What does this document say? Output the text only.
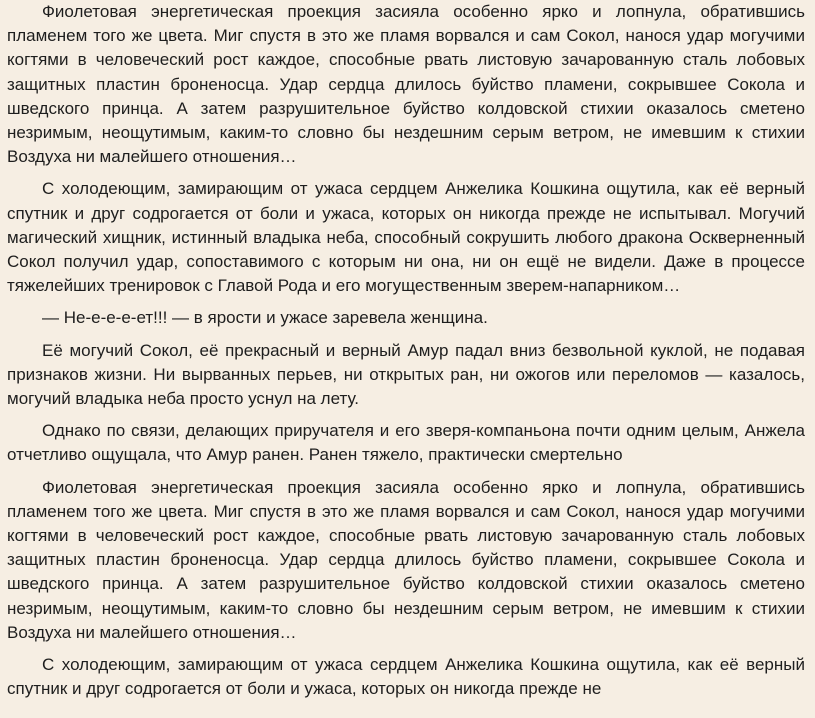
Фиолетовая энергетическая проекция засияла особенно ярко и лопнула, обратившись пламенем того же цвета. Миг спустя в это же пламя ворвался и сам Сокол, нанося удар могучими когтями в человеческий рост каждое, способные рвать листовую зачарованную сталь лобовых защитных пластин броненосца. Удар сердца длилось буйство пламени, сокрывшее Сокола и шведского принца. А затем разрушительное буйство колдовской стихии оказалось сметено незримым, неощутимым, каким-то словно бы нездешним серым ветром, не имевшим к стихии Воздуха ни малейшего отношения…

С холодеющим, замирающим от ужаса сердцем Анжелика Кошкина ощутила, как её верный спутник и друг содрогается от боли и ужаса, которых он никогда прежде не испытывал. Могучий магический хищник, истинный владыка неба, способный сокрушить любого дракона Оскверненный Сокол получил удар, сопоставимого с которым ни она, ни он ещё не видели. Даже в процессе тяжелейших тренировок с Главой Рода и его могущественным зверем-напарником…

— Не-е-е-е-ет!!! — в ярости и ужасе заревела женщина.

Её могучий Сокол, её прекрасный и верный Амур падал вниз безвольной куклой, не подавая признаков жизни. Ни вырванных перьев, ни открытых ран, ни ожогов или переломов — казалось, могучий владыка неба просто уснул на лету.

Однако по связи, делающих приручателя и его зверя-компаньона почти одним целым, Анжела отчетливо ощущала, что Амур ранен. Ранен тяжело, практически смертельно

Фиолетовая энергетическая проекция засияла особенно ярко и лопнула, обратившись пламенем того же цвета. Миг спустя в это же пламя ворвался и сам Сокол, нанося удар могучими когтями в человеческий рост каждое, способные рвать листовую зачарованную сталь лобовых защитных пластин броненосца. Удар сердца длилось буйство пламени, сокрывшее Сокола и шведского принца. А затем разрушительное буйство колдовской стихии оказалось сметено незримым, неощутимым, каким-то словно бы нездешним серым ветром, не имевшим к стихии Воздуха ни малейшего отношения…

С холодеющим, замирающим от ужаса сердцем Анжелика Кошкина ощутила, как её верный спутник и друг содрогается от боли и ужаса, которых он никогда прежде не
